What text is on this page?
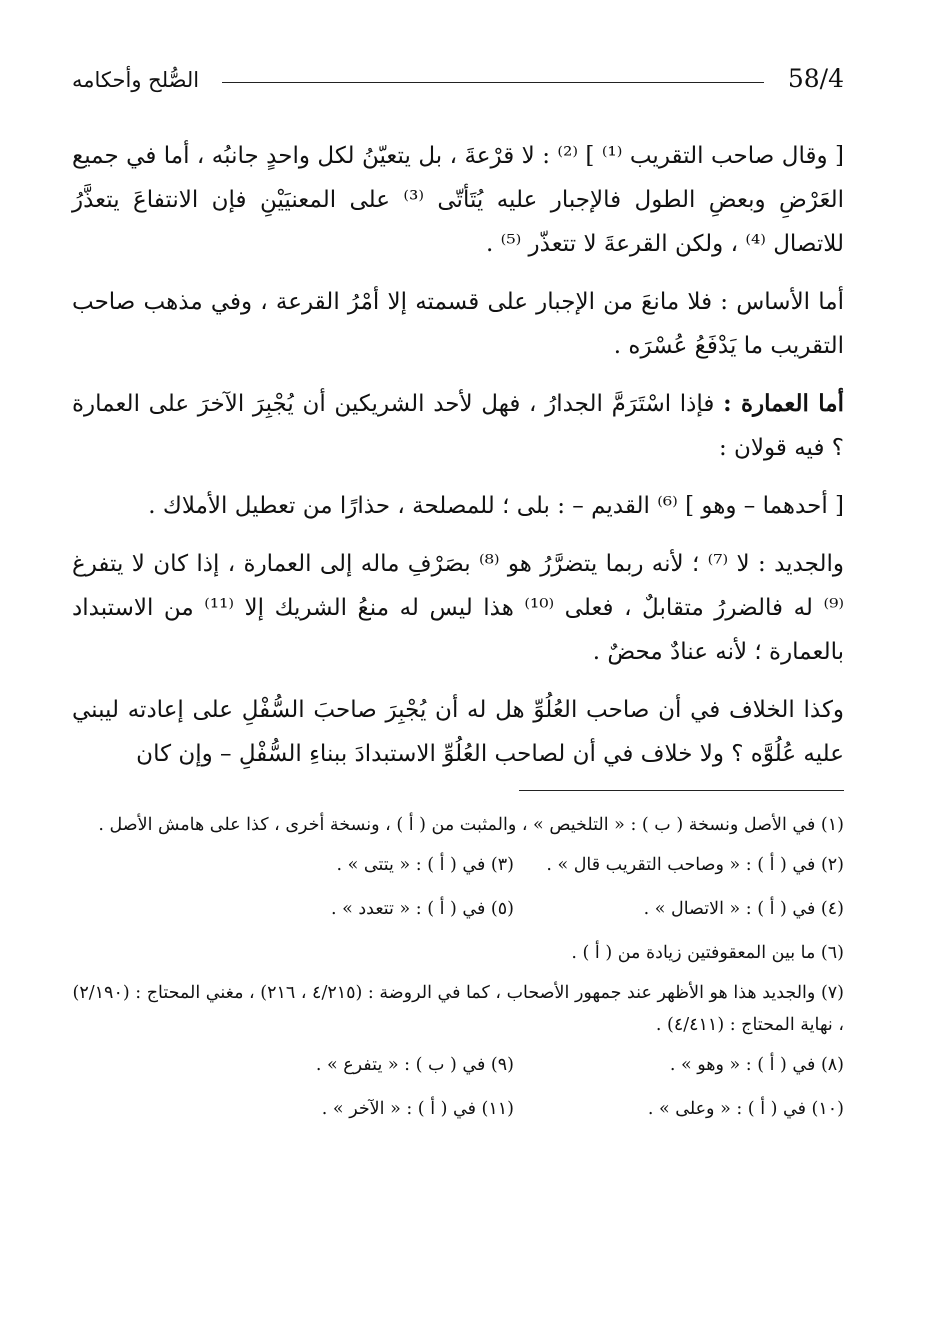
58/4
الصُّلح وأحكامه

[ وقال صاحب التقريب ⁽¹⁾ ] ⁽²⁾ : لا قرْعةَ ، بل يتعيّنُ لكل واحدٍ جانبُه ، أما في جميع العَرْضِ وبعضِ الطول فالإجبار عليه يُتَأتّى ⁽³⁾ على المعنيَيْنِ فإن الانتفاعَ يتعذَّرُ للاتصال ⁽⁴⁾ ، ولكن القرعةَ لا تتعذّر ⁽⁵⁾ .

أما الأساس : فلا مانعَ من الإجبار على قسمته إلا أمْرُ القرعة ، وفي مذهب صاحب التقريب ما يَدْفَعُ عُسْرَه .

أما العمارة : فإذا اسْتَرَمَّ الجدارُ ، فهل لأحد الشريكين أن يُجْبِرَ الآخرَ على العمارة ؟ فيه قولان :

[ أحدهما – وهو ] ⁽⁶⁾ القديم – : بلى ؛ للمصلحة ، حذارًا من تعطيل الأملاك .

والجديد : لا ⁽⁷⁾ ؛ لأنه ربما يتضرَّرُ هو ⁽⁸⁾ بصَرْفِ ماله إلى العمارة ، إذا كان لا يتفرغ ⁽⁹⁾ له فالضررُ متقابلٌ ، فعلى ⁽¹⁰⁾ هذا ليس له منعُ الشريك إلا ⁽¹¹⁾ من الاستبداد بالعمارة ؛ لأنه عنادٌ محضٌ .

وكذا الخلاف في أن صاحب العُلُوِّ هل له أن يُجْبِرَ صاحبَ السُّفْلِ على إعادته ليبني عليه عُلُوَّه ؟ ولا خلاف في أن لصاحب العُلُوِّ الاستبدادَ ببناءِ السُّفْلِ – وإن كان

(١) في الأصل ونسخة ( ب ) : « التلخيص » ، والمثبت من ( أ ) ، ونسخة أخرى ، كذا على هامش الأصل .

(٢) في ( أ ) : « وصاحب التقريب قال » .
(٣) في ( أ ) : « يتتى » .
(٤) في ( أ ) : « الاتصال » .
(٥) في ( أ ) : « تتعدد » .

(٦) ما بين المعقوفتين زيادة من ( أ ) .

(٧) والجديد هذا هو الأظهر عند جمهور الأصحاب ، كما في الروضة : (٤/٢١٥ ، ٢١٦) ، مغني المحتاج : (٢/١٩٠) ، نهاية المحتاج : (٤/٤١١) .

(٨) في ( أ ) : « وهو » .
(٩) في ( ب ) : « يتفرع » .
(١٠) في ( أ ) : « وعلى » .
(١١) في ( أ ) : « الآخر » .
